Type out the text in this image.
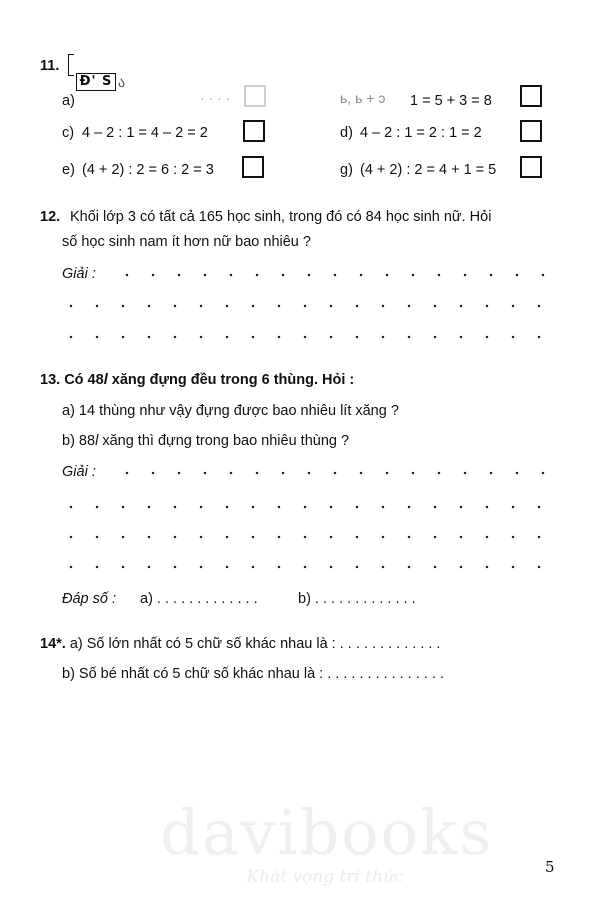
11.
Đ' S ა
a)	· · · ·	ь, ь + ɔ 1 = 5 + 3 = 8
c) 4 – 2 : 1 = 4 – 2 = 2	d) 4 – 2 : 1 = 2 : 1 = 2
e) (4 + 2) : 2 = 6 : 2 = 3	g) (4 + 2) : 2 = 4 + 1 = 5
12. Khối lớp 3 có tất cả 165 học sinh, trong đó có 84 học sinh nữ. Hỏi
số học sinh nam ít hơn nữ bao nhiêu ?
Giải :
13. Có 48l xăng đựng đều trong 6 thùng. Hỏi :
a) 14 thùng như vậy đựng được bao nhiêu lít xăng ?
b) 88l xăng thì đựng trong bao nhiêu thùng ?
Giải :
Đáp số : a) . . . . . . . . . . . . .	b) . . . . . . . . . . . . .
14*. a) Số lớn nhất có 5 chữ số khác nhau là : . . . . . . . . . . . . .
b) Số bé nhất có 5 chữ số khác nhau là : . . . . . . . . . . . . . . .
davibooks
Khát vọng tri thức	5
